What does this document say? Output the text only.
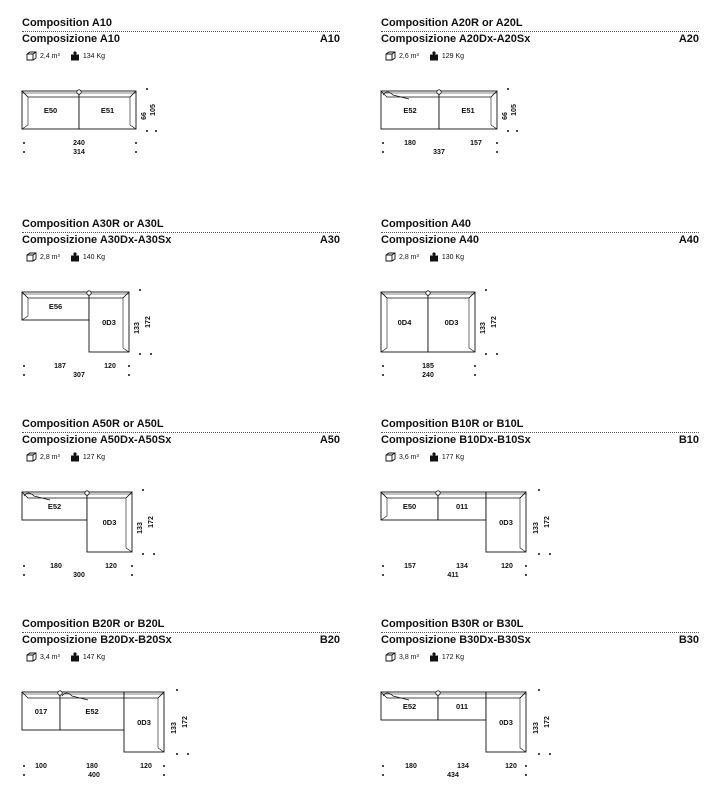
Composition A10
Composizione A10	A10
2,4 m³	134 Kg
E50	E51
240
314
66
105
Composition A20R or A20L
Composizione A20Dx-A20Sx	A20
2,6 m³	129 Kg
E52	E51
180	157
337
66
105
Composition A30R or A30L
Composizione A30Dx-A30Sx	A30
2,8 m³	140 Kg
E56
0D3
187	120
307
133
172
Composition A40
Composizione A40	A40
2,8 m³	130 Kg
0D4	0D3
185
240
133
172
Composition A50R or A50L
Composizione A50Dx-A50Sx	A50
2,8 m³	127 Kg
E52
0D3
180	120
300
133
172
Composition B10R or B10L
Composizione B10Dx-B10Sx	B10
3,6 m³	177 Kg
E50	011
0D3
157	134	120
411
133
172
Composition B20R or B20L
Composizione B20Dx-B20Sx	B20
3,4 m³	147 Kg
017	E52
0D3
100	180	120
400
133
172
Composition B30R or B30L
Composizione B30Dx-B30Sx	B30
3,8 m³	172 Kg
E52	011
0D3
180	134	120
434
133
172
